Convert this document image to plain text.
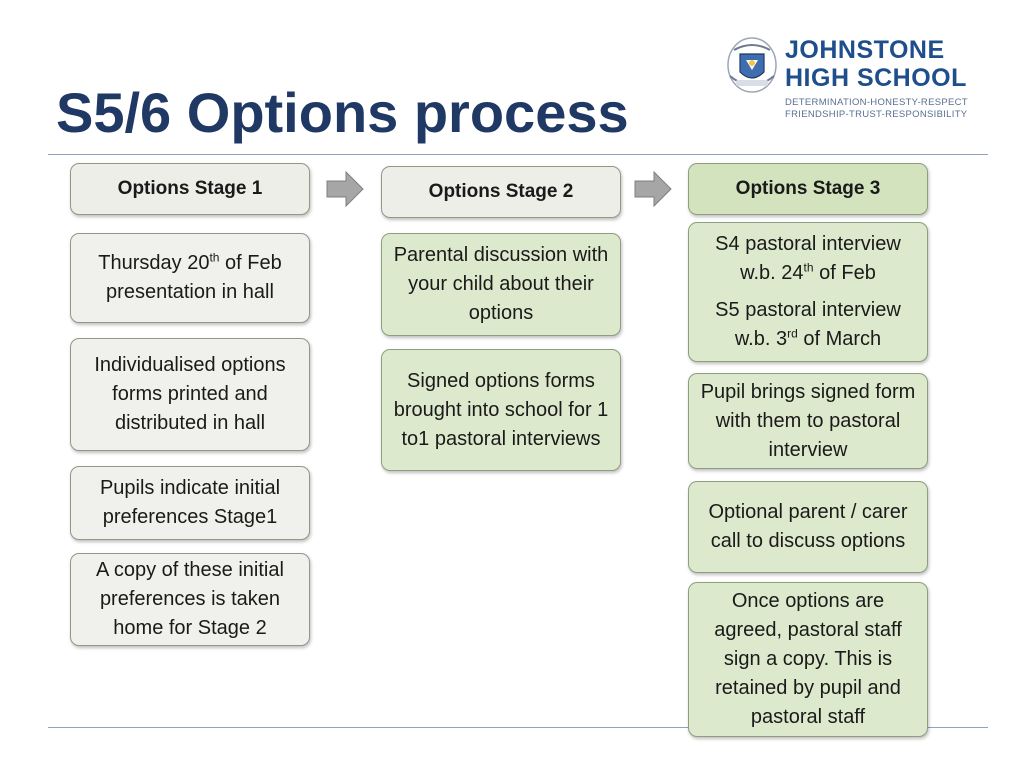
S5/6 Options process
JOHNSTONE
HIGH SCHOOL
DETERMINATION-HONESTY-RESPECT
FRIENDSHIP-TRUST-RESPONSIBILITY
Options Stage 1
Thursday 20th of Feb presentation in hall
Individualised options forms printed and distributed in hall
Pupils indicate initial preferences Stage1
A copy of these initial preferences is taken home for Stage 2
Options Stage 2
Parental discussion with your child about their options
Signed options forms brought into school for 1 to1 pastoral interviews
Options Stage 3
S4 pastoral interview
w.b. 24th of Feb
S5 pastoral interview
w.b. 3rd of March
Pupil brings signed form with them to pastoral interview
Optional parent / carer call to discuss options
Once options are agreed, pastoral staff sign a copy. This is retained by pupil and pastoral staff
